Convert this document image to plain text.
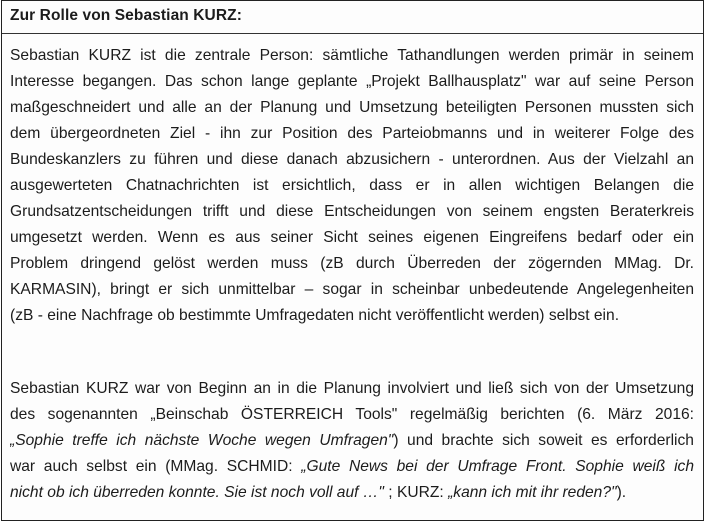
Zur Rolle von Sebastian KURZ:
Sebastian KURZ ist die zentrale Person: sämtliche Tathandlungen werden primär in seinem
Interesse begangen. Das schon lange geplante „Projekt Ballhausplatz" war auf seine Person
maßgeschneidert und alle an der Planung und Umsetzung beteiligten Personen mussten sich
dem übergeordneten Ziel - ihn zur Position des Parteiobmanns und in weiterer Folge des
Bundeskanzlers zu führen und diese danach abzusichern - unterordnen. Aus der Vielzahl an
ausgewerteten Chatnachrichten ist ersichtlich, dass er in allen wichtigen Belangen die
Grundsatzentscheidungen trifft und diese Entscheidungen von seinem engsten Beraterkreis
umgesetzt werden. Wenn es aus seiner Sicht seines eigenen Eingreifens bedarf oder ein
Problem dringend gelöst werden muss (zB durch Überreden der zögernden MMag. Dr.
KARMASIN), bringt er sich unmittelbar – sogar in scheinbar unbedeutende Angelegenheiten
(zB - eine Nachfrage ob bestimmte Umfragedaten nicht veröffentlicht werden) selbst ein.
Sebastian KURZ war von Beginn an in die Planung involviert und ließ sich von der Umsetzung
des sogenannten „Beinschab ÖSTERREICH Tools" regelmäßig berichten (6. März 2016:
„Sophie treffe ich nächste Woche wegen Umfragen") und brachte sich soweit es erforderlich
war auch selbst ein (MMag. SCHMID: „Gute News bei der Umfrage Front. Sophie weiß ich
nicht ob ich überreden konnte. Sie ist noch voll auf …" ; KURZ: „kann ich mit ihr reden?").
